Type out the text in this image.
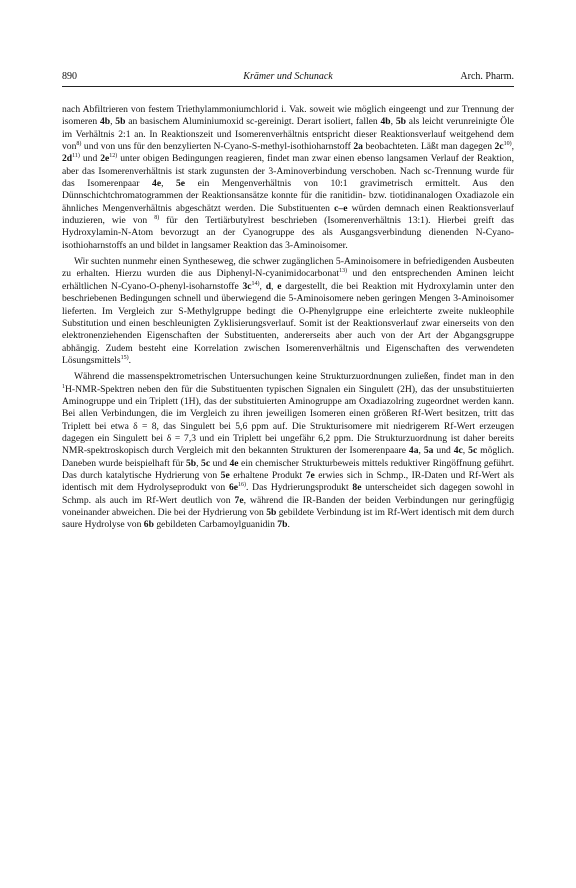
890	Krämer und Schunack	Arch. Pharm.

nach Abfiltrieren von festem Triethylammoniumchlorid i. Vak. soweit wie möglich eingeengt und zur Trennung der isomeren 4b, 5b an basischem Aluminiumoxid sc-gereinigt. Derart isoliert, fallen 4b, 5b als leicht verunreinigte Öle im Verhältnis 2:1 an. In Reaktionszeit und Isomerenverhältnis entspricht dieser Reaktionsverlauf weitgehend dem von$^{8)}$ und von uns für den benzylierten N-Cyano-S-methyl-isothioharnstoff 2a beobachteten. Läßt man dagegen $2c^{10)}$, $2d^{11)}$ und $2e^{12)}$ unter obigen Bedingungen reagieren, findet man zwar einen ebenso langsamen Verlauf der Reaktion, aber das Isomerenverhältnis ist stark zugunsten der 3-Aminoverbindung verschoben. Nach sc-Trennung wurde für das Isomerenpaar 4e, 5e ein Mengenverhältnis von 10:1 gravimetrisch ermittelt. Aus den Dünnschichtchromatogrammen der Reaktionsansätze konnte für die ranitidin- bzw. tiotidinanalogen Oxadiazole ein ähnliches Mengenverhältnis abgeschätzt werden. Die Substituenten c–e würden demnach einen Reaktionsverlauf induzieren, wie von $^{8)}$ für den Tertiärbutylrest beschrieben (Isomerenverhältnis 13:1). Hierbei greift das Hydroxylamin-N-Atom bevorzugt an der Cyanogruppe des als Ausgangsverbindung dienenden N-Cyano-isothioharnstoffs an und bildet in langsamer Reaktion das 3-Aminoisomer.

Wir suchten nunmehr einen Syntheseweg, die schwer zugänglichen 5-Aminoisomere in befriedigenden Ausbeuten zu erhalten. Hierzu wurden die aus Diphenyl-N-cyanimidocarbonat$^{13)}$ und den entsprechenden Aminen leicht erhältlichen N-Cyano-O-phenyl-isoharnstoffe $3c^{14)}$, d, e dargestellt, die bei Reaktion mit Hydroxylamin unter den beschriebenen Bedingungen schnell und überwiegend die 5-Aminoisomere neben geringen Mengen 3-Aminoisomer lieferten. Im Vergleich zur S-Methylgruppe bedingt die O-Phenylgruppe eine erleichterte zweite nukleophile Substitution und einen beschleunigten Zyklisierungsverlauf. Somit ist der Reaktionsverlauf zwar einerseits von den elektronenziehenden Eigenschaften der Substituenten, andererseits aber auch von der Art der Abgangsgruppe abhängig. Zudem besteht eine Korrelation zwischen Isomerenverhältnis und Eigenschaften des verwendeten Lösungsmittels$^{15)}$.

Während die massenspektrometrischen Untersuchungen keine Strukturzuordnungen zuließen, findet man in den $^1$H-NMR-Spektren neben den für die Substituenten typischen Signalen ein Singulett (2H), das der unsubstituierten Aminogruppe und ein Triplett (1H), das der substituierten Aminogruppe am Oxadiazolring zugeordnet werden kann. Bei allen Verbindungen, die im Vergleich zu ihren jeweiligen Isomeren einen größeren Rf-Wert besitzen, tritt das Triplett bei etwa δ = 8, das Singulett bei 5,6 ppm auf. Die Strukturisomere mit niedrigerem Rf-Wert erzeugen dagegen ein Singulett bei δ = 7,3 und ein Triplett bei ungefähr 6,2 ppm. Die Strukturzuordnung ist daher bereits NMR-spektroskopisch durch Vergleich mit den bekannten Strukturen der Isomerenpaare 4a, 5a und 4c, 5c möglich. Daneben wurde beispielhaft für 5b, 5c und 4e ein chemischer Strukturbeweis mittels reduktiver Ringöffnung geführt. Das durch katalytische Hydrierung von 5e erhaltene Produkt 7e erwies sich in Schmp., IR-Daten und Rf-Wert als identisch mit dem Hydrolyseprodukt von $6e^{16)}$. Das Hydrierungsprodukt 8e unterscheidet sich dagegen sowohl in Schmp. als auch im Rf-Wert deutlich von 7e, während die IR-Banden der beiden Verbindungen nur geringfügig voneinander abweichen. Die bei der Hydrierung von 5b gebildete Verbindung ist im Rf-Wert identisch mit dem durch saure Hydrolyse von 6b gebildeten Carbamoylguanidin 7b.
